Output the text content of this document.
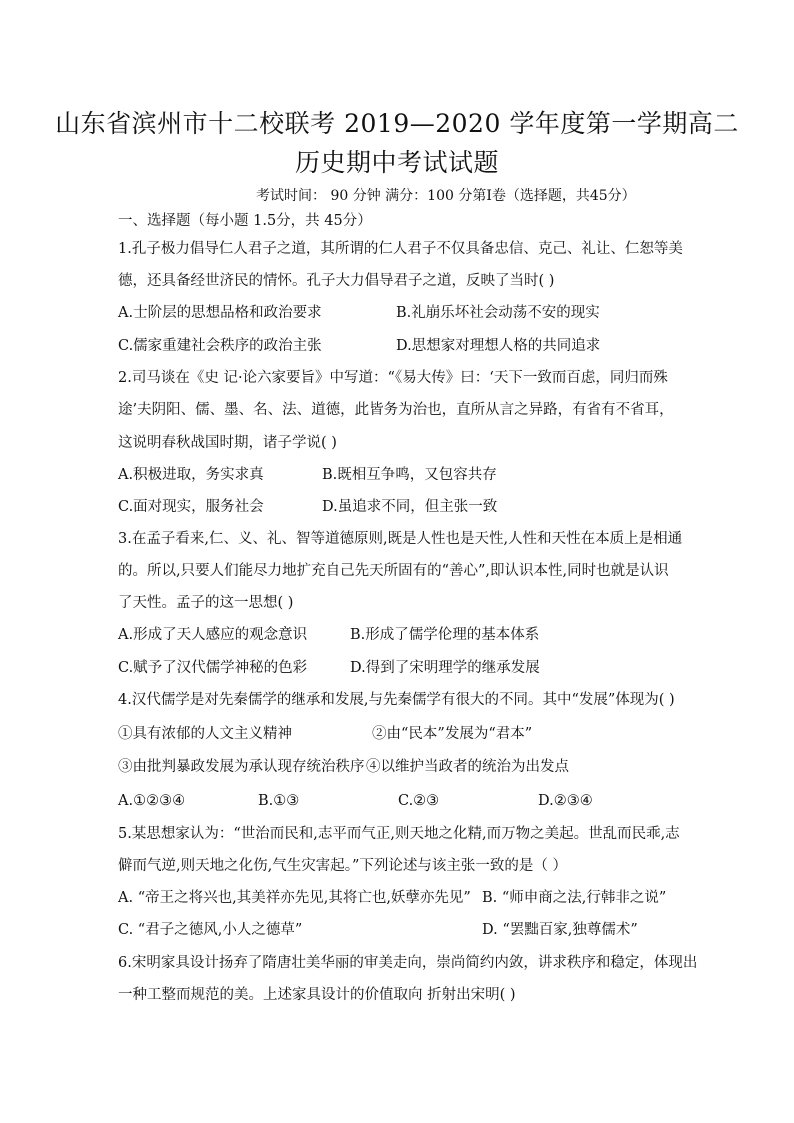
山东省滨州市十二校联考 2019—2020 学年度第一学期高二
历史期中考试试题
考试时间： 90 分钟 满分：100 分第Ⅰ卷（选择题，共45分）
一、选择题（每小题 1.5分，共 45分）
1.孔子极力倡导仁人君子之道，其所谓的仁人君子不仅具备忠信、克己、礼让、仁恕等美
德，还具备经世济民的情怀。孔子大力倡导君子之道，反映了当时( )
A.士阶层的思想品格和政治要求	B.礼崩乐坏社会动荡不安的现实
C.儒家重建社会秩序的政治主张	D.思想家对理想人格的共同追求
2.司马谈在《史 记·论六家要旨》中写道：“《易大传》曰：‘天下一致而百虑，同归而殊
途’夫阴阳、儒、墨、名、法、道德，此皆务为治也，直所从言之异路，有省有不省耳，
这说明春秋战国时期，诸子学说( )
A.积极进取，务实求真	B.既相互争鸣，又包容共存
C.面对现实，服务社会	D.虽追求不同，但主张一致
3.在孟子看来,仁、义、礼、智等道德原则,既是人性也是天性,人性和天性在本质上是相通
的。所以,只要人们能尽力地扩充自己先天所固有的“善心”,即认识本性,同时也就是认识
了天性。孟子的这一思想( )
A.形成了天人感应的观念意识	B.形成了儒学伦理的基本体系
C.赋予了汉代儒学神秘的色彩	D.得到了宋明理学的继承发展
4.汉代儒学是对先秦儒学的继承和发展,与先秦儒学有很大的不同。其中“发展”体现为( )
①具有浓郁的人文主义精神	②由“民本”发展为“君本”
③由批判暴政发展为承认现存统治秩序 ④以维护当政者的统治为出发点
A.①②③④	B.①③	C.②③	D.②③④
5.某思想家认为：“世治而民和,志平而气正,则天地之化精,而万物之美起。世乱而民乖,志
僻而气逆,则天地之化伤,气生灾害起。”下列论述与该主张一致的是（ ）
A. “帝王之将兴也,其美祥亦先见,其将亡也,妖孽亦先见” B. “师申商之法,行韩非之说”
C. “君子之德风,小人之德草”	D. “罢黜百家,独尊儒术”
6.宋明家具设计扬弃了隋唐壮美华丽的审美走向，崇尚简约内敛，讲求秩序和稳定，体现出
一种工整而规范的美。上述家具设计的价值取向 折射出宋明( )
